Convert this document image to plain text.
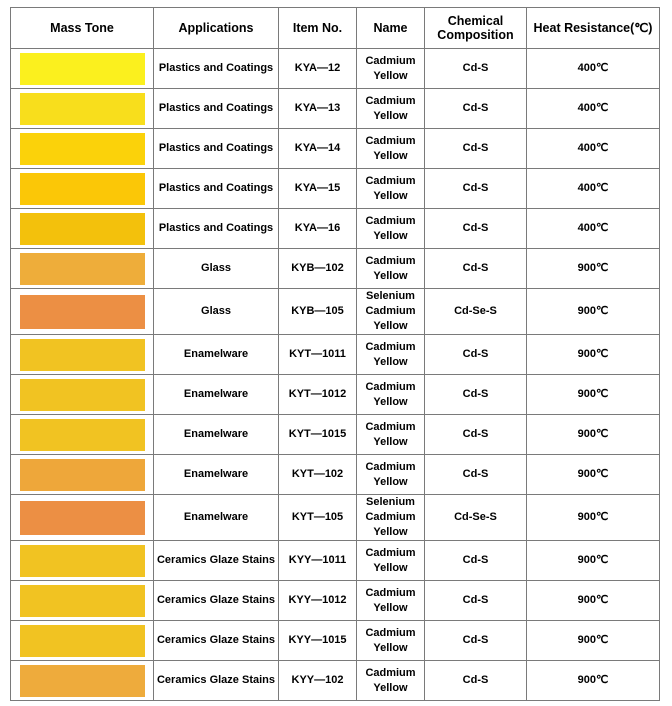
Mass Tone	Applications	Item No.	Name	Chemical Composition	Heat Resistance(℃)

	Plastics and Coatings	KYA—12	Cadmium Yellow	Cd-S	400℃

	Plastics and Coatings	KYA—13	Cadmium Yellow	Cd-S	400℃

	Plastics and Coatings	KYA—14	Cadmium Yellow	Cd-S	400℃

	Plastics and Coatings	KYA—15	Cadmium Yellow	Cd-S	400℃

	Plastics and Coatings	KYA—16	Cadmium Yellow	Cd-S	400℃

	Glass	KYB—102	Cadmium Yellow	Cd-S	900℃

	Glass	KYB—105	Selenium Cadmium Yellow	Cd-Se-S	900℃

	Enamelware	KYT—1011	Cadmium Yellow	Cd-S	900℃

	Enamelware	KYT—1012	Cadmium Yellow	Cd-S	900℃

	Enamelware	KYT—1015	Cadmium Yellow	Cd-S	900℃

	Enamelware	KYT—102	Cadmium Yellow	Cd-S	900℃

	Enamelware	KYT—105	Selenium Cadmium Yellow	Cd-Se-S	900℃

	Ceramics Glaze Stains	KYY—1011	Cadmium Yellow	Cd-S	900℃

	Ceramics Glaze Stains	KYY—1012	Cadmium Yellow	Cd-S	900℃

	Ceramics Glaze Stains	KYY—1015	Cadmium Yellow	Cd-S	900℃

	Ceramics Glaze Stains	KYY—102	Cadmium Yellow	Cd-S	900℃
